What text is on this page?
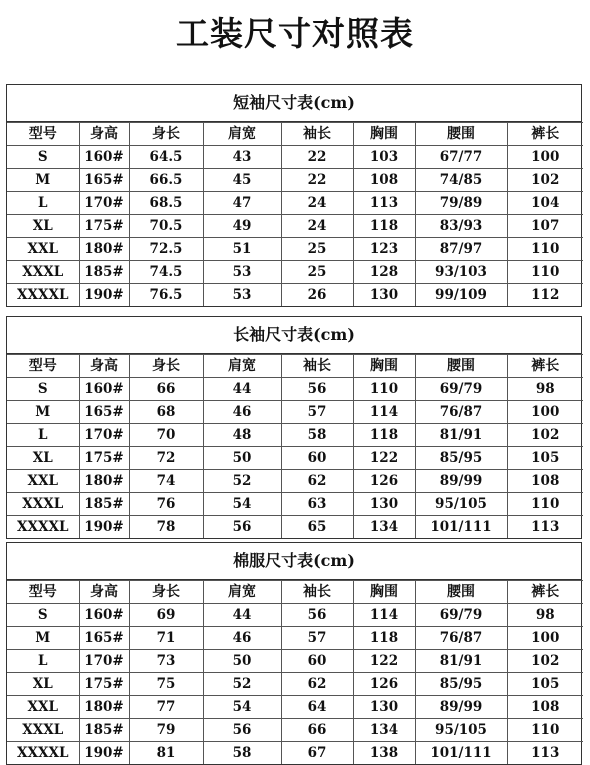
工装尺寸对照表
短袖尺寸表(cm)
型号	身高	身长	肩宽	袖长	胸围	腰围	裤长
S	160#	64.5	43	22	103	67/77	100
M	165#	66.5	45	22	108	74/85	102
L	170#	68.5	47	24	113	79/89	104
XL	175#	70.5	49	24	118	83/93	107
XXL	180#	72.5	51	25	123	87/97	110
XXXL	185#	74.5	53	25	128	93/103	110
XXXXL	190#	76.5	53	26	130	99/109	112
长袖尺寸表(cm)
型号	身高	身长	肩宽	袖长	胸围	腰围	裤长
S	160#	66	44	56	110	69/79	98
M	165#	68	46	57	114	76/87	100
L	170#	70	48	58	118	81/91	102
XL	175#	72	50	60	122	85/95	105
XXL	180#	74	52	62	126	89/99	108
XXXL	185#	76	54	63	130	95/105	110
XXXXL	190#	78	56	65	134	101/111	113
棉服尺寸表(cm)
型号	身高	身长	肩宽	袖长	胸围	腰围	裤长
S	160#	69	44	56	114	69/79	98
M	165#	71	46	57	118	76/87	100
L	170#	73	50	60	122	81/91	102
XL	175#	75	52	62	126	85/95	105
XXL	180#	77	54	64	130	89/99	108
XXXL	185#	79	56	66	134	95/105	110
XXXXL	190#	81	58	67	138	101/111	113
